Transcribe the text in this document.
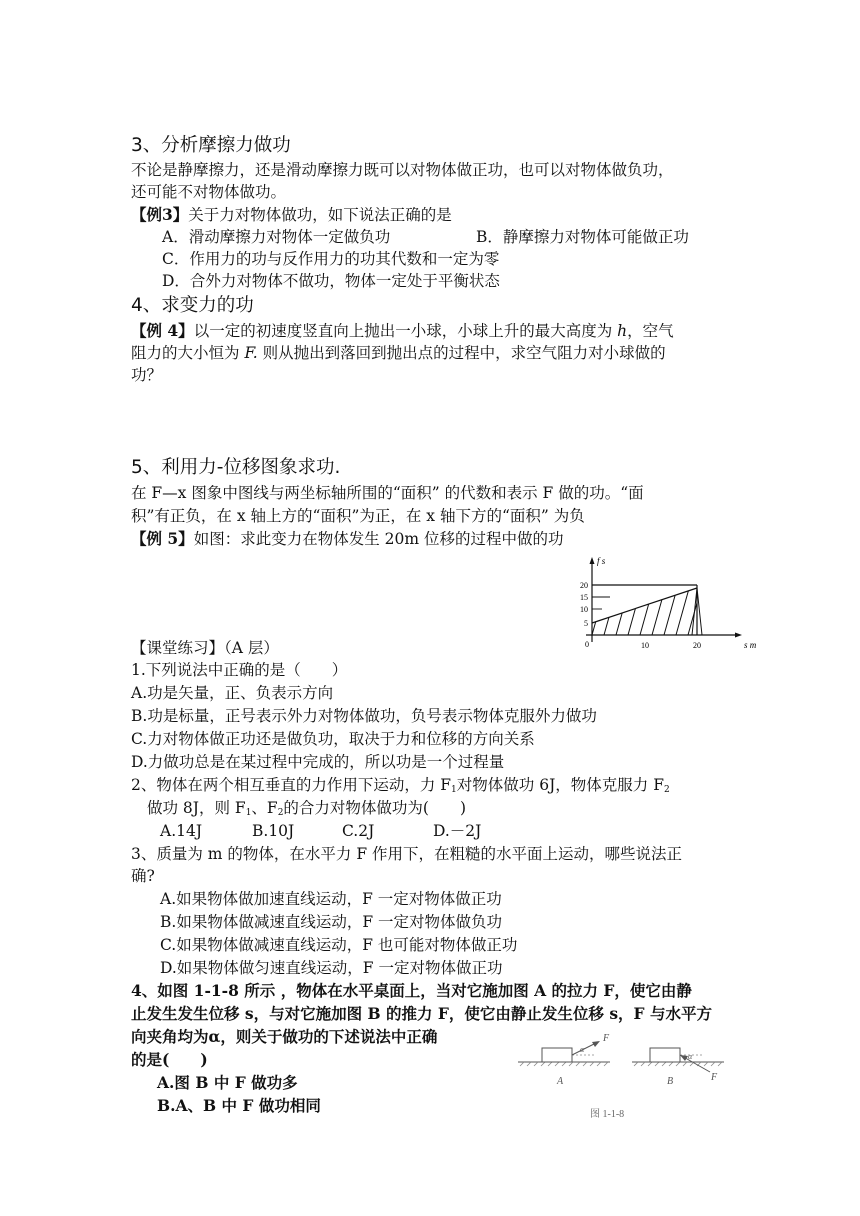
3、分析摩擦力做功
不论是静摩擦力，还是滑动摩擦力既可以对物体做正功，也可以对物体做负功，
还可能不对物体做功。
【例3】关于力对物体做功，如下说法正确的是
A．滑动摩擦力对物体一定做负功	B．静摩擦力对物体可能做正功
C．作用力的功与反作用力的功其代数和一定为零
D．合外力对物体不做功，物体一定处于平衡状态
4、求变力的功
【例 4】以一定的初速度竖直向上抛出一小球，小球上升的最大高度为 h，空气
阻力的大小恒为 F. 则从抛出到落回到抛出点的过程中，求空气阻力对小球做的
功？
5、利用力-位移图象求功.
在 F—x 图象中图线与两坐标轴所围的“面积” 的代数和表示 F 做的功。“面
积”有正负，在 x 轴上方的“面积”为正，在 x 轴下方的“面积” 为负
【例 5】如图：求此变力在物体发生 20m 位移的过程中做的功
f s
s m
20
15
10
5
0	10	20
【课堂练习】（A 层）
1.下列说法中正确的是（　　）
A.功是矢量，正、负表示方向
B.功是标量，正号表示外力对物体做功，负号表示物体克服外力做功
C.力对物体做正功还是做负功，取决于力和位移的方向关系
D.力做功总是在某过程中完成的，所以功是一个过程量
2、物体在两个相互垂直的力作用下运动，力 $F_1$对物体做功 6J，物体克服力 $F_2$
做功 8J，则 $F_1$、$F_2$的合力对物体做功为(　　)
A.14J	B.10J	C.2J	D.－2J
3、质量为 m 的物体，在水平力 F 作用下，在粗糙的水平面上运动，哪些说法正
确?
A.如果物体做加速直线运动，F 一定对物体做正功
B.如果物体做减速直线运动，F 一定对物体做负功
C.如果物体做减速直线运动，F 也可能对物体做正功
D.如果物体做匀速直线运动，F 一定对物体做正功
4、如图 1-1-8 所示 ，物体在水平桌面上，当对它施加图 A 的拉力 F，使它由静
止发生发生位移 s，与对它施加图 B 的推力 F，使它由静止发生位移 s，F 与水平方
向夹角均为α，则关于做功的下述说法中正确
的是(　　)
A.图 B 中 F 做功多
B.A、B 中 F 做功相同
F
α
A	F
α
B
图 1-1-8
